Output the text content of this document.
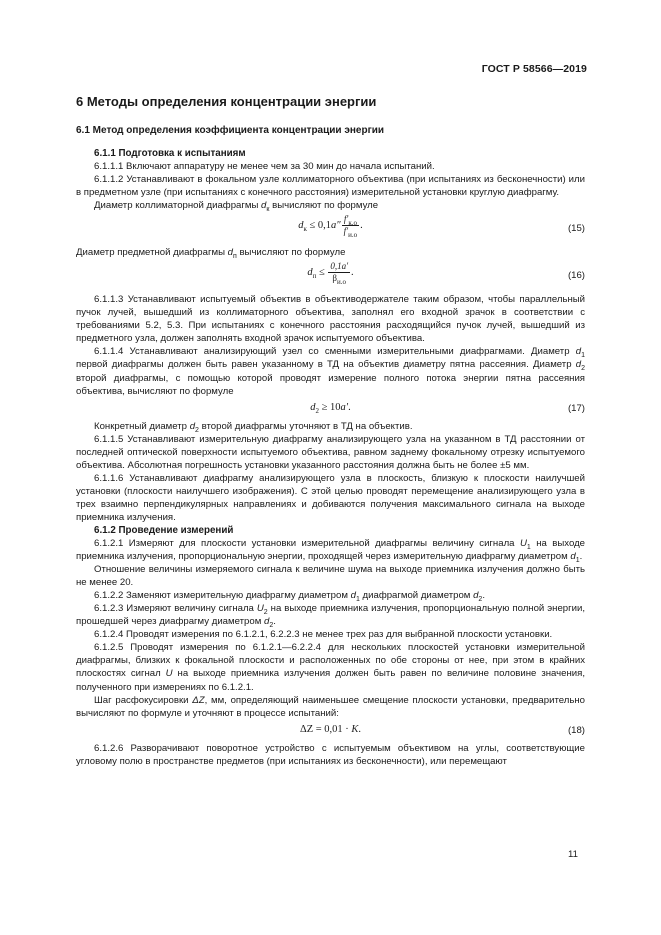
ГОСТ Р 58566—2019
6 Методы определения концентрации энергии
6.1 Метод определения коэффициента концентрации энергии
6.1.1 Подготовка к испытаниям

6.1.1.1 Включают аппаратуру не менее чем за 30 мин до начала испытаний.

6.1.1.2 Устанавливают в фокальном узле коллиматорного объектива (при испытаниях из бесконечности) или в предметном узле (при испытаниях с конечного расстояния) измерительной установки круглую диафрагму.

Диаметр коллиматорной диафрагмы $d_к$ вычисляют по формуле

$d_к \le 0,1a'' \frac{f'_{к.о}}{f'_{и.о}}$ .	(15)

Диаметр предметной диафрагмы $d_п$ вычисляют по формуле

$d_п \le \frac{0,1a'}{\beta_{и.о}}$ .	(16)

6.1.1.3 Устанавливают испытуемый объектив в объективодержателе таким образом, чтобы параллельный пучок лучей, вышедший из коллиматорного объектива, заполнял его входной зрачок в соответствии с требованиями 5.2, 5.3. При испытаниях с конечного расстояния расходящийся пучок лучей, вышедший из предметного узла, должен заполнять входной зрачок испытуемого объектива.

6.1.1.4 Устанавливают анализирующий узел со сменными измерительными диафрагмами. Диаметр $d_1$ первой диафрагмы должен быть равен указанному в ТД на объектив диаметру пятна рассеяния. Диаметр $d_2$ второй диафрагмы, с помощью которой проводят измерение полного потока энергии пятна рассеяния объектива, вычисляют по формуле

$d_2 \ge 10a'$.	(17)

Конкретный диаметр $d_2$ второй диафрагмы уточняют в ТД на объектив.

6.1.1.5 Устанавливают измерительную диафрагму анализирующего узла на указанном в ТД расстоянии от последней оптической поверхности испытуемого объектива, равном заднему фокальному отрезку испытуемого объектива. Абсолютная погрешность установки указанного расстояния должна быть не более ±5 мм.

6.1.1.6 Устанавливают диафрагму анализирующего узла в плоскость, близкую к плоскости наилучшей установки (плоскости наилучшего изображения). С этой целью проводят перемещение анализирующего узла в трех взаимно перпендикулярных направлениях и добиваются получения максимального сигнала на выходе приемника излучения.

6.1.2 Проведение измерений

6.1.2.1 Измеряют для плоскости установки измерительной диафрагмы величину сигнала $U_1$ на выходе приемника излучения, пропорциональную энергии, проходящей через измерительную диафрагму диаметром $d_1$.

Отношение величины измеряемого сигнала к величине шума на выходе приемника излучения должно быть не менее 20.

6.1.2.2 Заменяют измерительную диафрагму диаметром $d_1$ диафрагмой диаметром $d_2$.

6.1.2.3 Измеряют величину сигнала $U_2$ на выходе приемника излучения, пропорциональную полной энергии, прошедшей через диафрагму диаметром $d_2$.

6.1.2.4 Проводят измерения по 6.1.2.1, 6.2.2.3 не менее трех раз для выбранной плоскости установки.

6.1.2.5 Проводят измерения по 6.1.2.1—6.2.2.4 для нескольких плоскостей установки измерительной диафрагмы, близких к фокальной плоскости и расположенных по обе стороны от нее, при этом в крайних плоскостях сигнал U на выходе приемника излучения должен быть равен по величине половине значения, полученного при измерениях по 6.1.2.1.

Шаг расфокусировки ΔZ, мм, определяющий наименьшее смещение плоскости установки, предварительно вычисляют по формуле и уточняют в процессе испытаний:

ΔZ = 0,01 · K.	(18)

6.1.2.6 Разворачивают поворотное устройство с испытуемым объективом на углы, соответствующие угловому полю в пространстве предметов (при испытаниях из бесконечности), или перемещают

11
